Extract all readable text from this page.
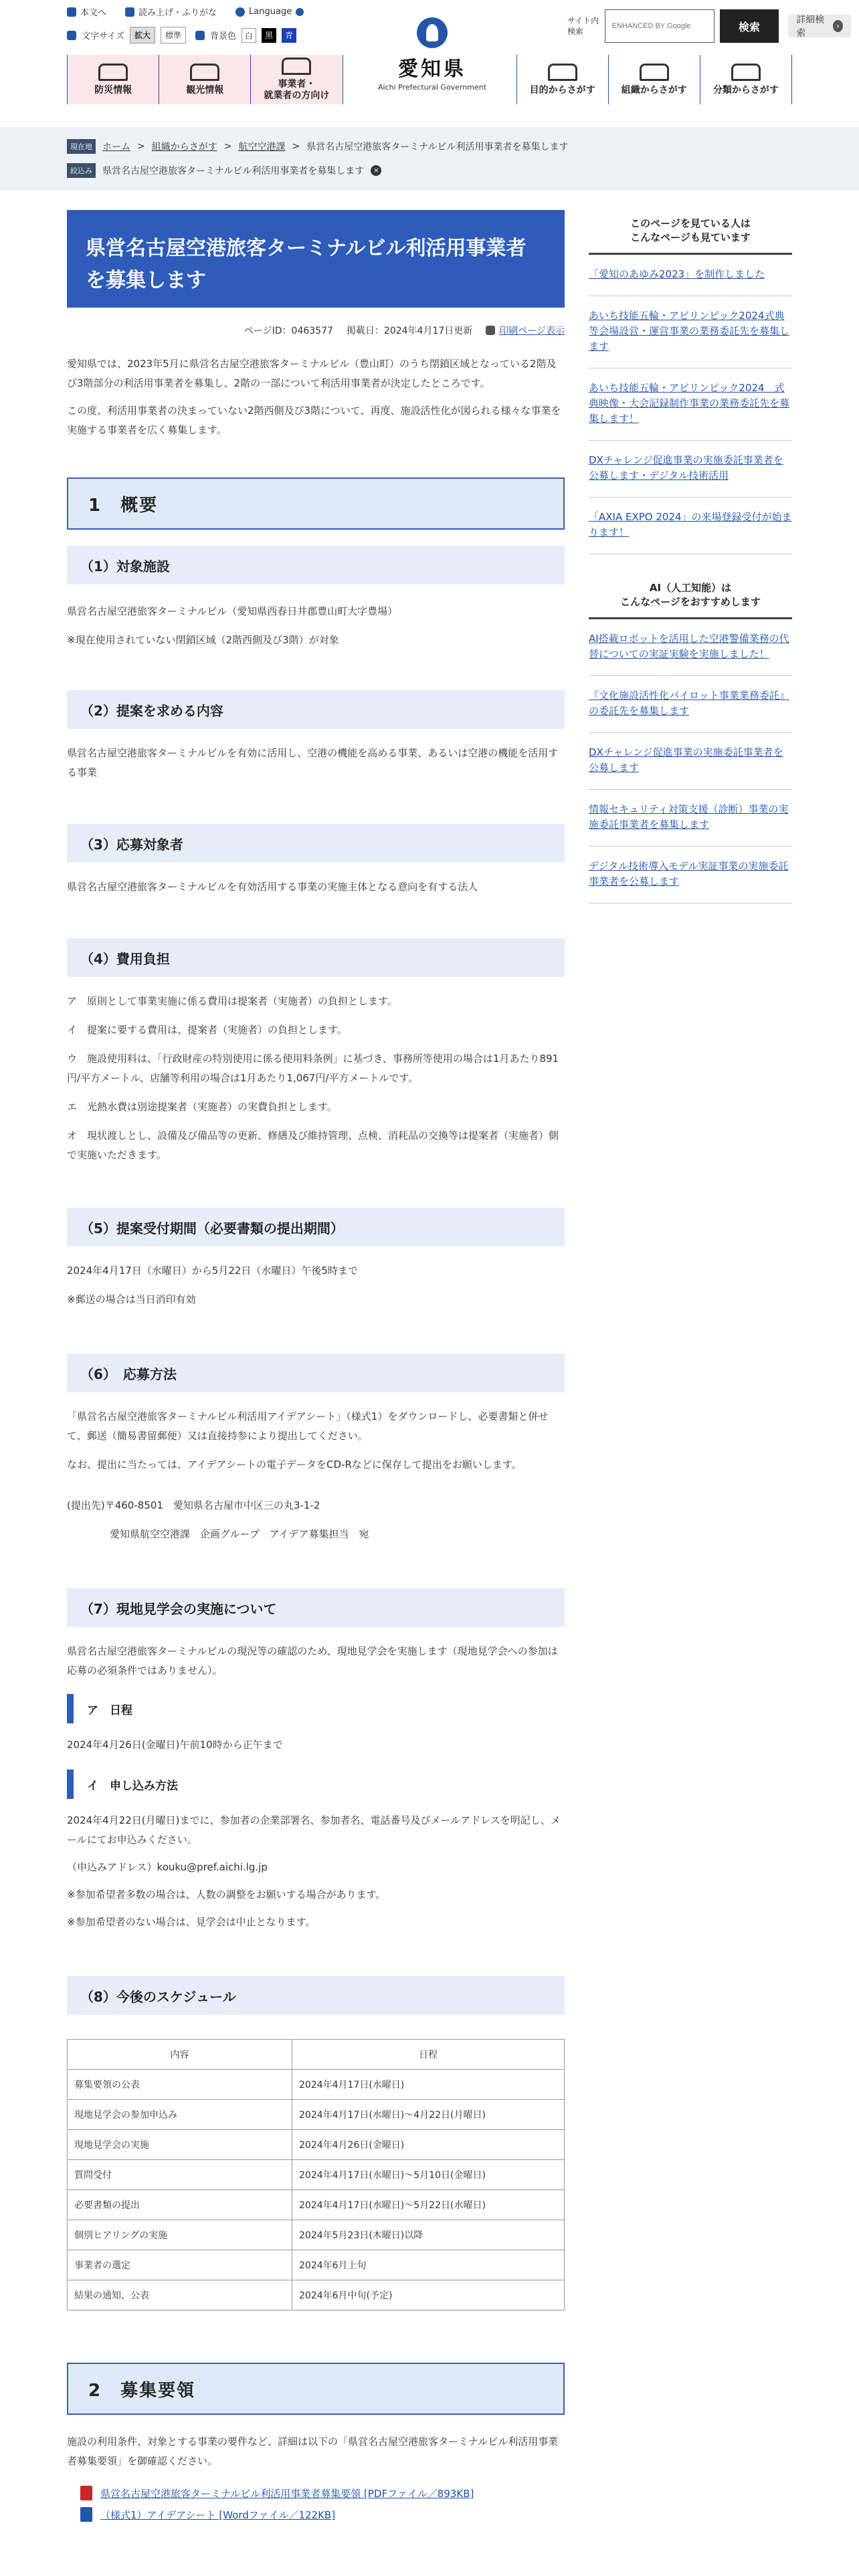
本文へ	読み上げ・ふりがな	Language
文字サイズ	拡大	標準	背景色	白	黒	青
愛知県
Aichi Prefectural Government
サイト内検索
ENHANCED BY Google	検索
詳細検索
›
防災情報	観光情報
事業者・
就業者の方向け
目的からさがす	組織からさがす	分類からさがす
現在地	ホーム > 組織からさがす > 航空空港課 > 県営名古屋空港旅客ターミナルビル利活用事業者を募集します
絞込み	県営名古屋空港旅客ターミナルビル利活用事業者を募集します	×
県営名古屋空港旅客ターミナルビル利活用事業者を募集します
ページID：0463577 掲載日：2024年4月17日更新	印刷ページ表示

愛知県では、2023年5月に県営名古屋空港旅客ターミナルビル（豊山町）のうち閉鎖区域となっている2階及び3階部分の利活用事業者を募集し、2階の一部について利活用事業者が決定したところです。

この度、利活用事業者の決まっていない2階西側及び3階について、再度、施設活性化が図られる様々な事業を実施する事業者を広く募集します。

1　概要
（1）対象施設

県営名古屋空港旅客ターミナルビル（愛知県西春日井郡豊山町大字豊場）

※現在使用されていない閉鎖区域（2階西側及び3階）が対象

（2）提案を求める内容

県営名古屋空港旅客ターミナルビルを有効に活用し、空港の機能を高める事業、あるいは空港の機能を活用する事業

（3）応募対象者

県営名古屋空港旅客ターミナルビルを有効活用する事業の実施主体となる意向を有する法人

（4）費用負担

ア　原則として事業実施に係る費用は提案者（実施者）の負担とします。

イ　提案に要する費用は、提案者（実施者）の負担とします。

ウ　施設使用料は、「行政財産の特別使用に係る使用料条例」に基づき、事務所等使用の場合は1月あたり891円/平方メートル、店舗等利用の場合は1月あたり1,067円/平方メートルです。

エ　光熱水費は別途提案者（実施者）の実費負担とします。

オ　現状渡しとし、設備及び備品等の更新、修繕及び維持管理、点検、消耗品の交換等は提案者（実施者）側で実施いただきます。

（5）提案受付期間（必要書類の提出期間）

2024年4月17日（水曜日）から5月22日（水曜日）午後5時まで

※郵送の場合は当日消印有効

（6）　応募方法

「県営名古屋空港旅客ターミナルビル利活用アイデアシート」（様式1）をダウンロードし、必要書類と併せて、郵送（簡易書留郵便）又は直接持参により提出してください。

なお、提出に当たっては、アイデアシートの電子データをCD-Rなどに保存して提出をお願いします。

(提出先)〒460-8501　愛知県名古屋市中区三の丸3-1-2

愛知県航空空港課　企画グループ　アイデア募集担当　宛

（7）現地見学会の実施について

県営名古屋空港旅客ターミナルビルの現況等の確認のため、現地見学会を実施します（現地見学会への参加は応募の必須条件ではありません）。

ア　日程

2024年4月26日(金曜日)午前10時から正午まで

イ　申し込み方法

2024年4月22日(月曜日)までに、参加者の企業部署名、参加者名、電話番号及びメールアドレスを明記し、メールにてお申込みください。

（申込みアドレス）kouku@pref.aichi.lg.jp

※参加希望者多数の場合は、人数の調整をお願いする場合があります。

※参加希望者のない場合は、見学会は中止となります。

（8）今後のスケジュール
内容	日程
募集要領の公表	2024年4月17日(水曜日)
現地見学会の参加申込み	2024年4月17日(水曜日)～4月22日(月曜日)
現地見学会の実施	2024年4月26日(金曜日)
質問受付	2024年4月17日(水曜日)～5月10日(金曜日)
必要書類の提出	2024年4月17日(水曜日)～5月22日(水曜日)
個別ヒアリングの実施	2024年5月23日(木曜日)以降
事業者の選定	2024年6月上旬
結果の通知、公表	2024年6月中旬(予定)
2　募集要領

施設の利用条件、対象とする事業の要件など、詳細は以下の「県営名古屋空港旅客ターミナルビル利活用事業者募集要領」を御確認ください。

県営名古屋空港旅客ターミナルビル利活用事業者募集要領 [PDFファイル／893KB]
（様式1）アイデアシート [Wordファイル／122KB]
このページを見ている人は
こんなページも見ています
「愛知のあゆみ2023」を制作しました
あいち技能五輪・アビリンピック2024式典等会場設営・運営事業の業務委託先を募集します
あいち技能五輪・アビリンピック2024　式典映像・大会記録制作事業の業務委託先を募集します！
DXチャレンジ促進事業の実施委託事業者を公募します・デジタル技術活用
「AXIA EXPO 2024」の来場登録受付が始まります！
AI（人工知能）は
こんなページをおすすめします
AI搭載ロボットを活用した空港警備業務の代替についての実証実験を実施しました！
『文化施設活性化パイロット事業業務委託』の委託先を募集します
DXチャレンジ促進事業の実施委託事業者を公募します
情報セキュリティ対策支援（診断）事業の実施委託事業者を募集します
デジタル技術導入モデル実証事業の実施委託事業者を公募します
